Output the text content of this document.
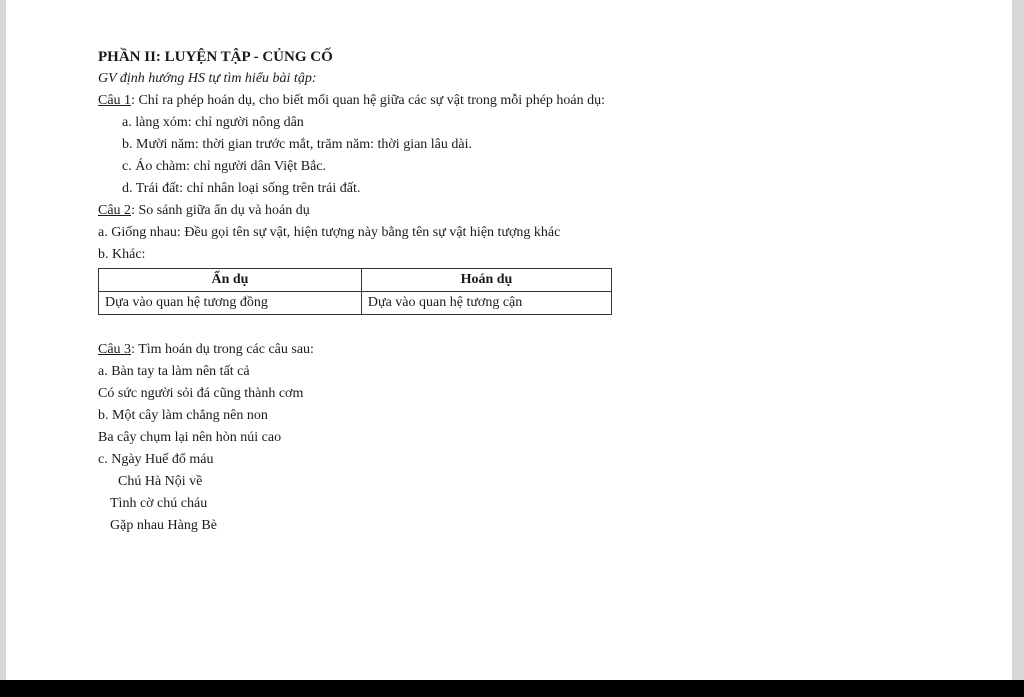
PHẦN II: LUYỆN TẬP - CỦNG CỐ
GV định hướng HS tự tìm hiểu bài tập:
Câu 1: Chỉ ra phép hoán dụ, cho biết mối quan hệ giữa các sự vật trong mỗi phép hoán dụ:
a. làng xóm: chỉ người nông dân
b. Mười năm: thời gian trước mắt, trăm năm: thời gian lâu dài.
c. Áo chàm: chỉ người dân Việt Bắc.
d. Trái đất: chỉ nhân loại sống trên trái đất.
Câu 2: So sánh giữa ẩn dụ và hoán dụ
a. Giống nhau: Đều gọi tên sự vật, hiện tượng này bằng tên sự vật hiện tượng khác
b. Khác:
Ẩn dụ	Hoán dụ
Dựa vào quan hệ tương đồng	Dựa vào quan hệ tương cận
Câu 3: Tìm hoán dụ trong các câu sau:
a. Bàn tay ta làm nên tất cả
Có sức người sỏi đá cũng thành cơm
b. Một cây làm chẳng nên non
Ba cây chụm lại nên hòn núi cao
c. Ngày Huế đổ máu
Chú Hà Nội về
Tình cờ chú cháu
Gặp nhau Hàng Bè
